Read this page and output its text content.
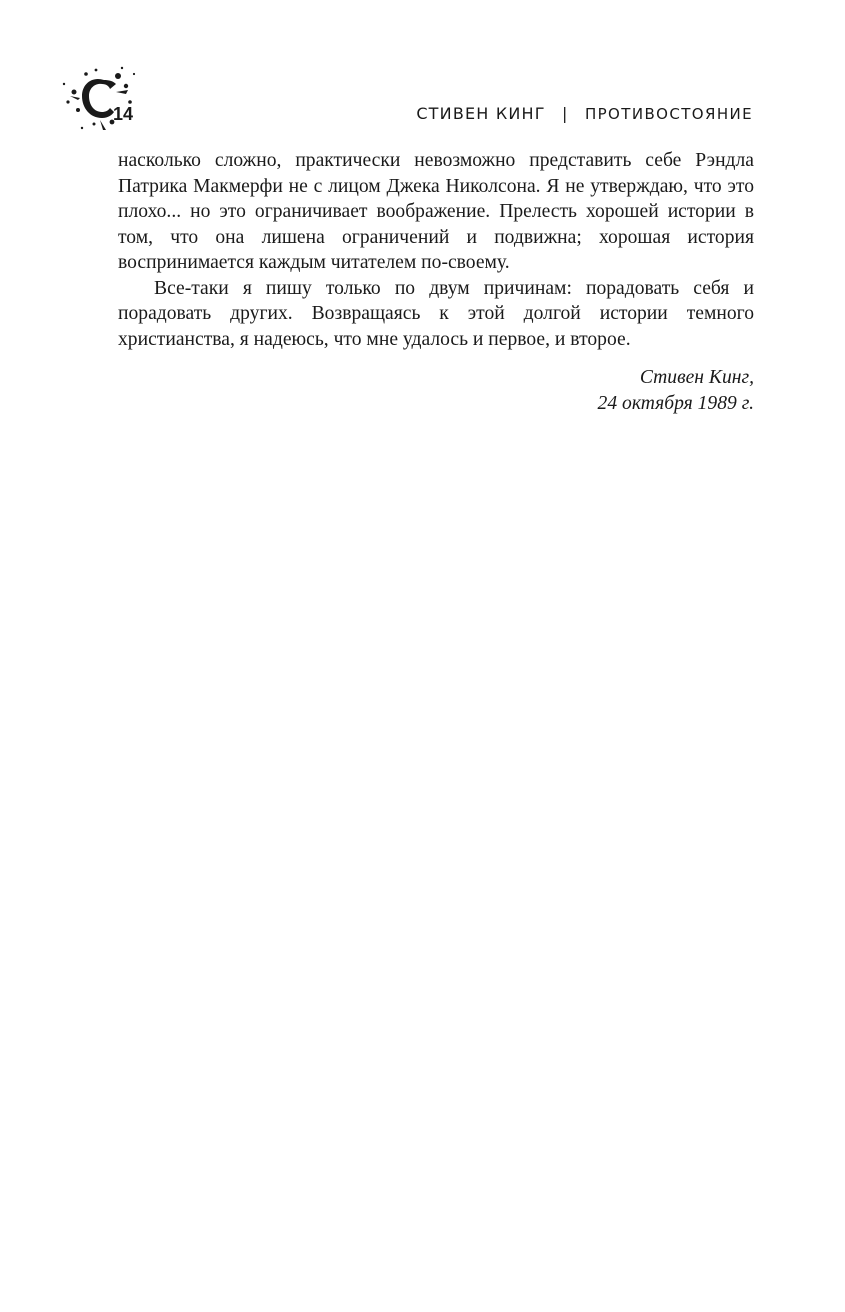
14	СТИВЕН КИНГ | ПРОТИВОСТОЯНИЕ

насколько сложно, практически невозможно представить себе Рэндла Патрика Макмерфи не с лицом Джека Николсона. Я не утверждаю, что это плохо... но это ограничивает воображение. Прелесть хорошей истории в том, что она лишена ограничений и подвижна; хорошая история воспринимается каждым читателем по-своему.

Все-таки я пишу только по двум причинам: порадовать себя и порадовать других. Возвращаясь к этой долгой истории темного христианства, я надеюсь, что мне удалось и первое, и второе.

Стивен Кинг,
24 октября 1989 г.
